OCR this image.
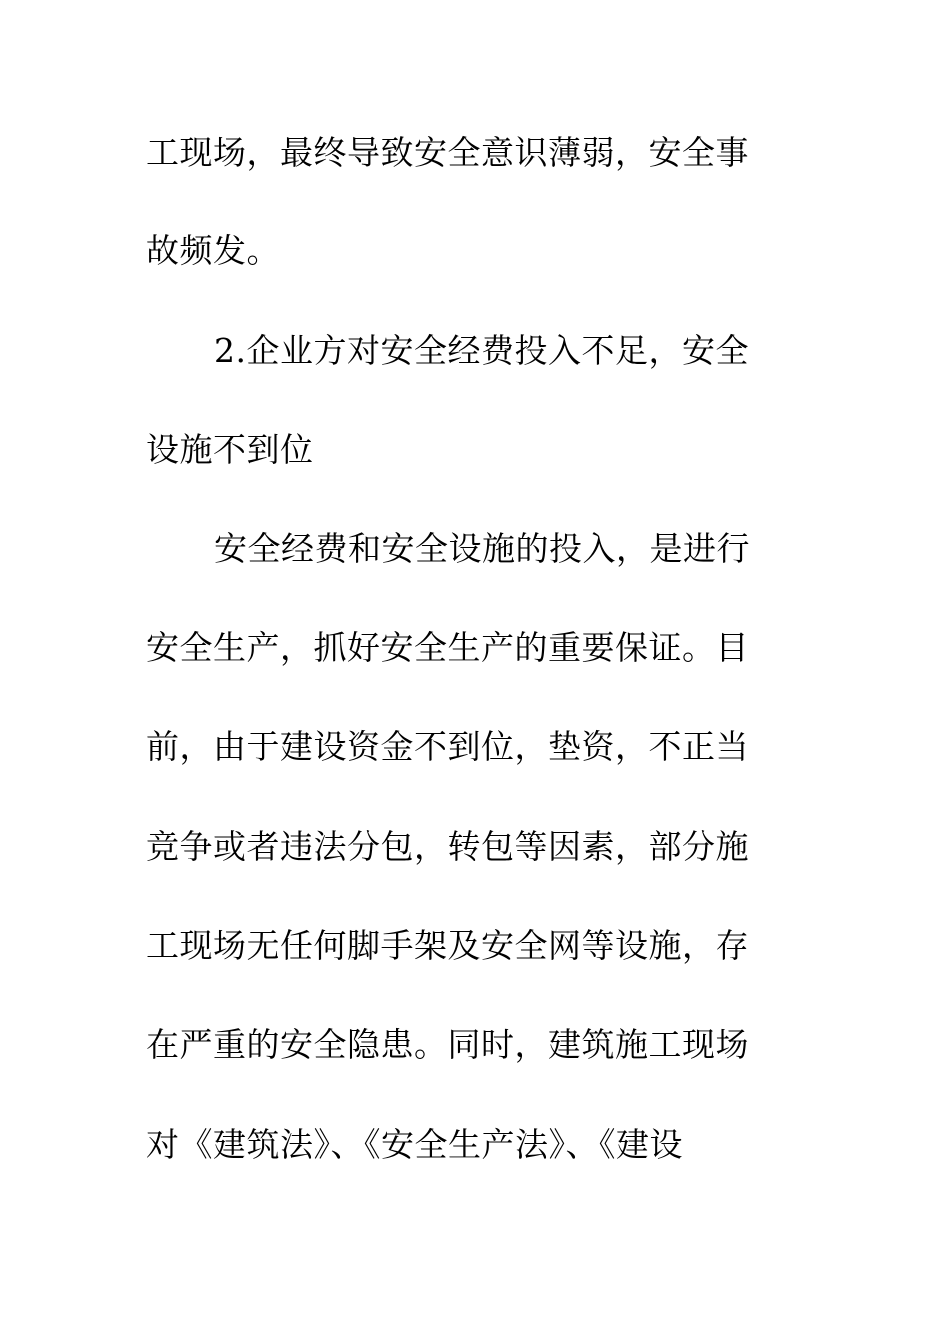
工现场，最终导致安全意识薄弱，安全事
故频发。
2.企业方对安全经费投入不足，安全
设施不到位
安全经费和安全设施的投入，是进行
安全生产，抓好安全生产的重要保证。目
前，由于建设资金不到位，垫资，不正当
竞争或者违法分包，转包等因素，部分施
工现场无任何脚手架及安全网等设施，存
在严重的安全隐患。同时，建筑施工现场
对《建筑法》、《安全生产法》、《建设
